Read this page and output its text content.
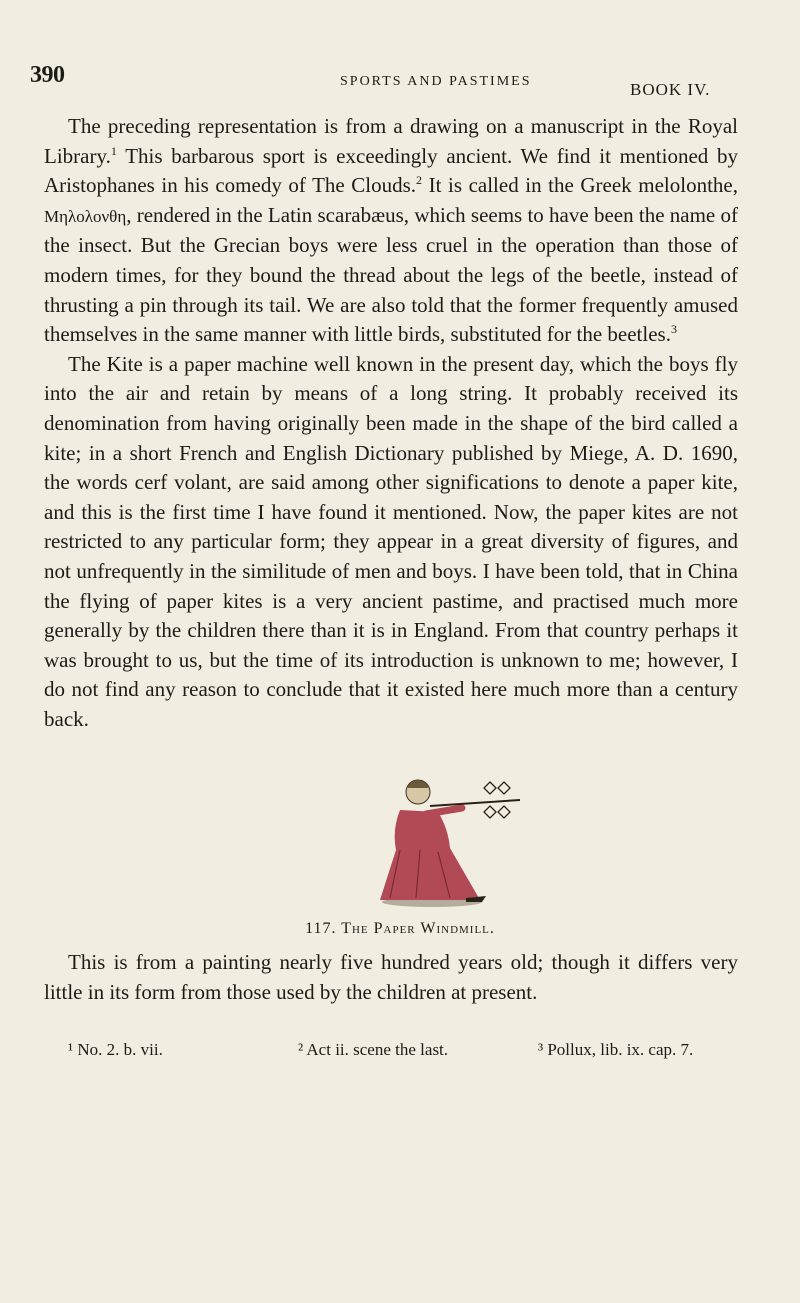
390	SPORTS AND PASTIMES	BOOK IV.

The preceding representation is from a drawing on a manuscript in the Royal Library.$^1$ This barbarous sport is exceedingly ancient. We find it mentioned by Aristophanes in his comedy of The Clouds.$^2$ It is called in the Greek melolonthe, Μηλολονθη, rendered in the Latin scarabæus, which seems to have been the name of the insect. But the Grecian boys were less cruel in the operation than those of modern times, for they bound the thread about the legs of the beetle, instead of thrusting a pin through its tail. We are also told that the former frequently amused themselves in the same manner with little birds, substituted for the beetles.$^3$

The Kite is a paper machine well known in the present day, which the boys fly into the air and retain by means of a long string. It probably received its denomination from having originally been made in the shape of the bird called a kite; in a short French and English Dictionary published by Miege, A. D. 1690, the words cerf volant, are said among other significations to denote a paper kite, and this is the first time I have found it mentioned. Now, the paper kites are not restricted to any particular form; they appear in a great diversity of figures, and not unfrequently in the similitude of men and boys. I have been told, that in China the flying of paper kites is a very ancient pastime, and practised much more generally by the children there than it is in England. From that country perhaps it was brought to us, but the time of its introduction is unknown to me; however, I do not find any reason to conclude that it existed here much more than a century back.

117. The Paper Windmill.

This is from a painting nearly five hundred years old; though it differs very little in its form from those used by the children at present.

¹ No. 2. b. vii.	² Act ii. scene the last.	³ Pollux, lib. ix. cap. 7.
